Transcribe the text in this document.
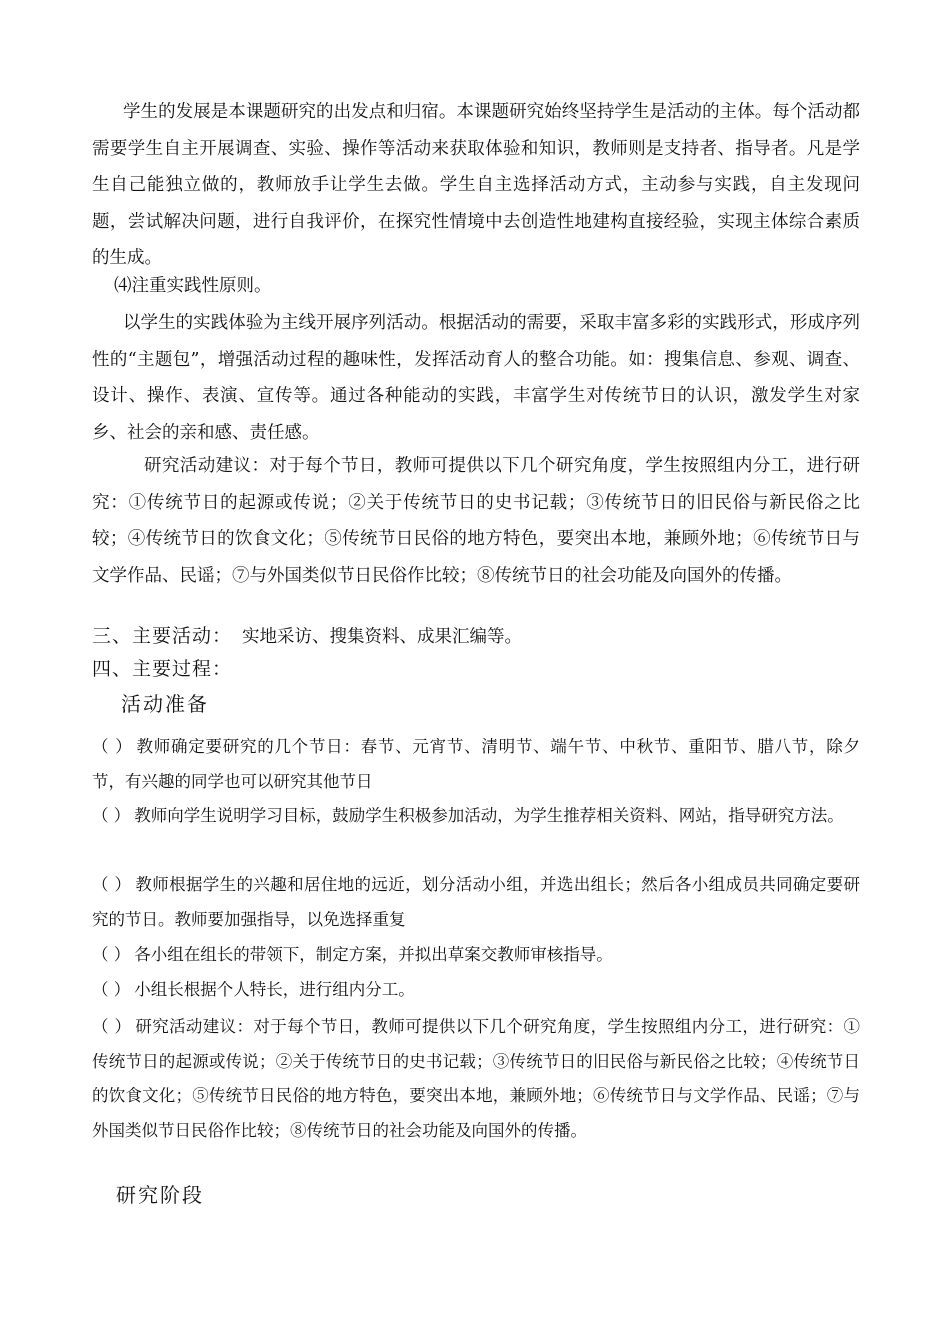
学生的发展是本课题研究的出发点和归宿。本课题研究始终坚持学生是活动的主体。每个活动都需要学生自主开展调查、实验、操作等活动来获取体验和知识，教师则是支持者、指导者。凡是学生自己能独立做的，教师放手让学生去做。学生自主选择活动方式，主动参与实践，自主发现问题，尝试解决问题，进行自我评价，在探究性情境中去创造性地建构直接经验，实现主体综合素质的生成。

⑷注重实践性原则。

以学生的实践体验为主线开展序列活动。根据活动的需要，采取丰富多彩的实践形式，形成序列性的“主题包”，增强活动过程的趣味性，发挥活动育人的整合功能。如：搜集信息、参观、调查、设计、操作、表演、宣传等。通过各种能动的实践，丰富学生对传统节日的认识，激发学生对家乡、社会的亲和感、责任感。

研究活动建议：对于每个节日，教师可提供以下几个研究角度，学生按照组内分工，进行研究：①传统节日的起源或传说；②关于传统节日的史书记载；③传统节日的旧民俗与新民俗之比较；④传统节日的饮食文化；⑤传统节日民俗的地方特色，要突出本地，兼顾外地；⑥传统节日与文学作品、民谣；⑦与外国类似节日民俗作比较；⑧传统节日的社会功能及向国外的传播。

三、主要活动： 实地采访、搜集资料、成果汇编等。

四、主要过程：

活动准备

（ ） 教师确定要研究的几个节日：春节、元宵节、清明节、端午节、中秋节、重阳节、腊八节，除夕节，有兴趣的同学也可以研究其他节日

（ ） 教师向学生说明学习目标，鼓励学生积极参加活动，为学生推荐相关资料、网站，指导研究方法。

（ ） 教师根据学生的兴趣和居住地的远近，划分活动小组，并选出组长；然后各小组成员共同确定要研究的节日。教师要加强指导，以免选择重复

（ ） 各小组在组长的带领下，制定方案，并拟出草案交教师审核指导。

（ ） 小组长根据个人特长，进行组内分工。

（ ） 研究活动建议：对于每个节日，教师可提供以下几个研究角度，学生按照组内分工，进行研究：①传统节日的起源或传说；②关于传统节日的史书记载；③传统节日的旧民俗与新民俗之比较；④传统节日的饮食文化；⑤传统节日民俗的地方特色，要突出本地，兼顾外地；⑥传统节日与文学作品、民谣；⑦与外国类似节日民俗作比较；⑧传统节日的社会功能及向国外的传播。

研究阶段
